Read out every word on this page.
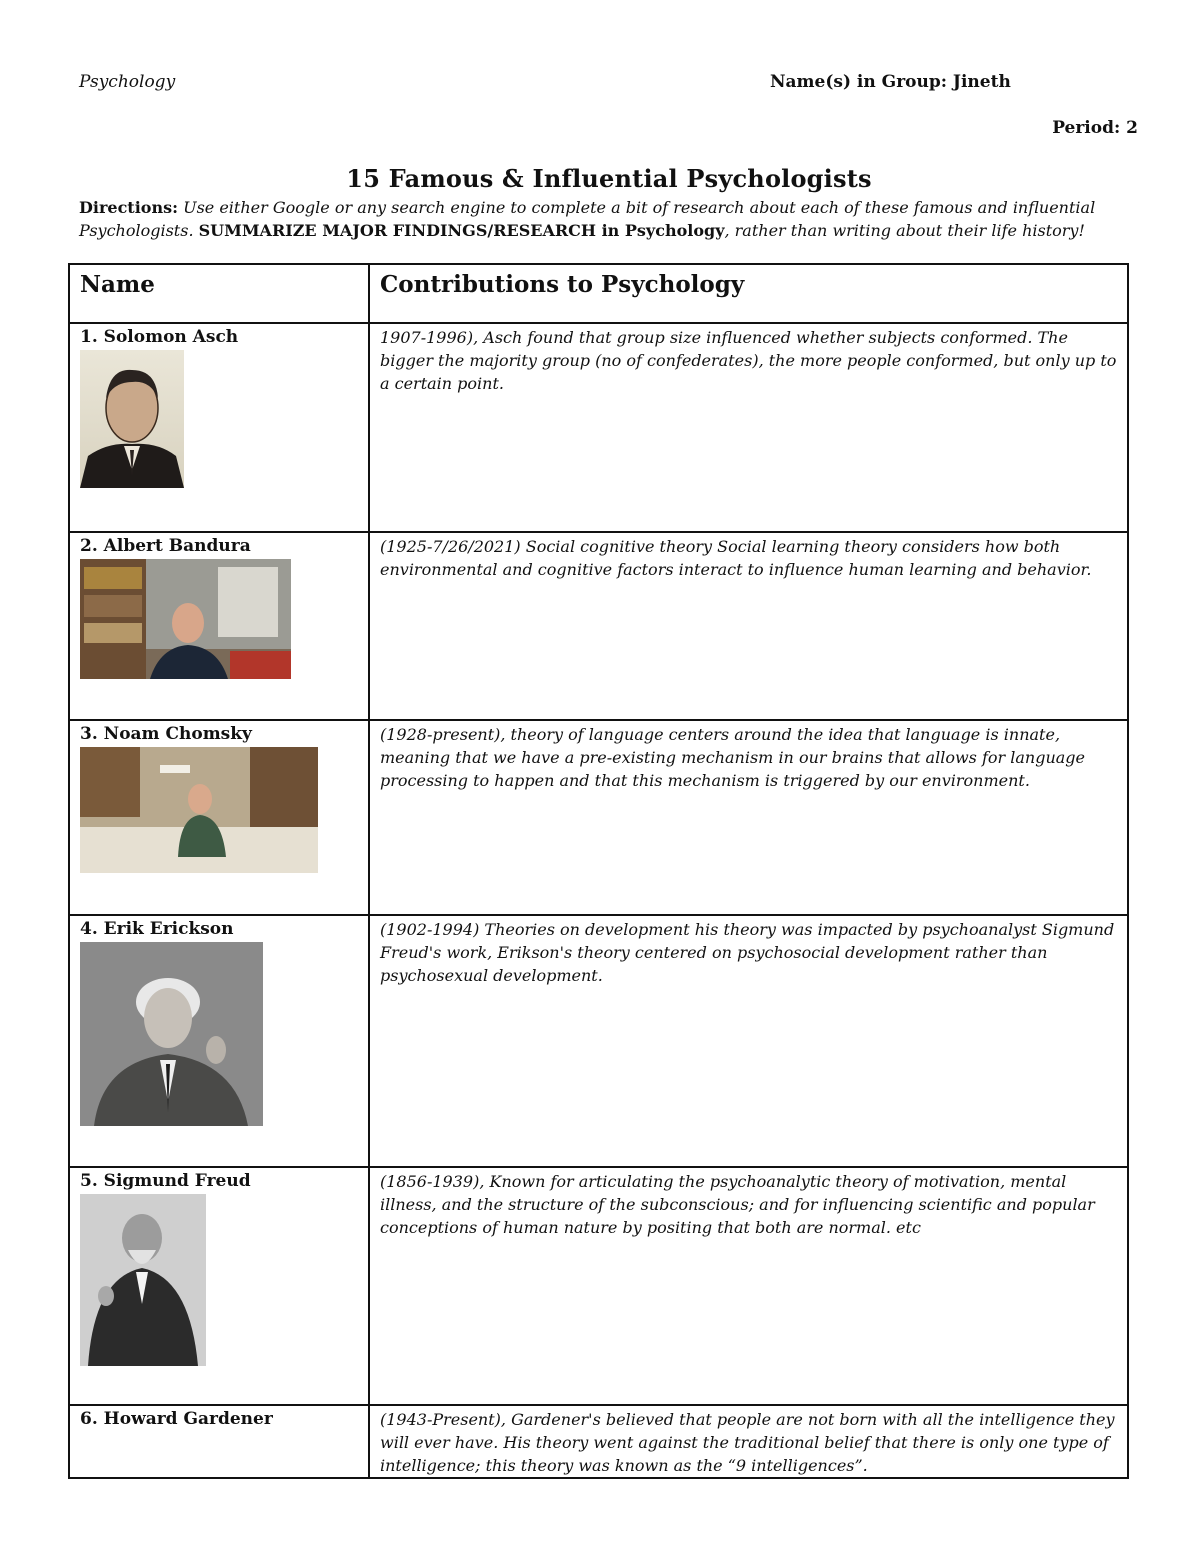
Psychology	Name(s) in Group: Jineth
Period: 2
15 Famous & Influential Psychologists
Directions: Use either Google or any search engine to complete a bit of research about each of these famous and influential Psychologists. SUMMARIZE MAJOR FINDINGS/RESEARCH in Psychology, rather than writing about their life history!
Name	Contributions to Psychology

1. Solomon Asch	1907-1996), Asch found that group size influenced whether subjects conformed. The bigger the majority group (no of confederates), the more people conformed, but only up to a certain point.

2. Albert Bandura	(1925-7/26/2021) Social cognitive theory Social learning theory considers how both environmental and cognitive factors interact to influence human learning and behavior.

3. Noam Chomsky	(1928-present), theory of language centers around the idea that language is innate, meaning that we have a pre-existing mechanism in our brains that allows for language processing to happen and that this mechanism is triggered by our environment.

4. Erik Erickson	(1902-1994) Theories on development his theory was impacted by psychoanalyst Sigmund Freud's work, Erikson's theory centered on psychosocial development rather than psychosexual development.

5. Sigmund Freud	(1856-1939), Known for articulating the psychoanalytic theory of motivation, mental illness, and the structure of the subconscious; and for influencing scientific and popular conceptions of human nature by positing that both are normal. etc

6. Howard Gardener	(1943-Present), Gardener's believed that people are not born with all the intelligence they will ever have. His theory went against the traditional belief that there is only one type of intelligence; this theory was known as the “9 intelligences”.
